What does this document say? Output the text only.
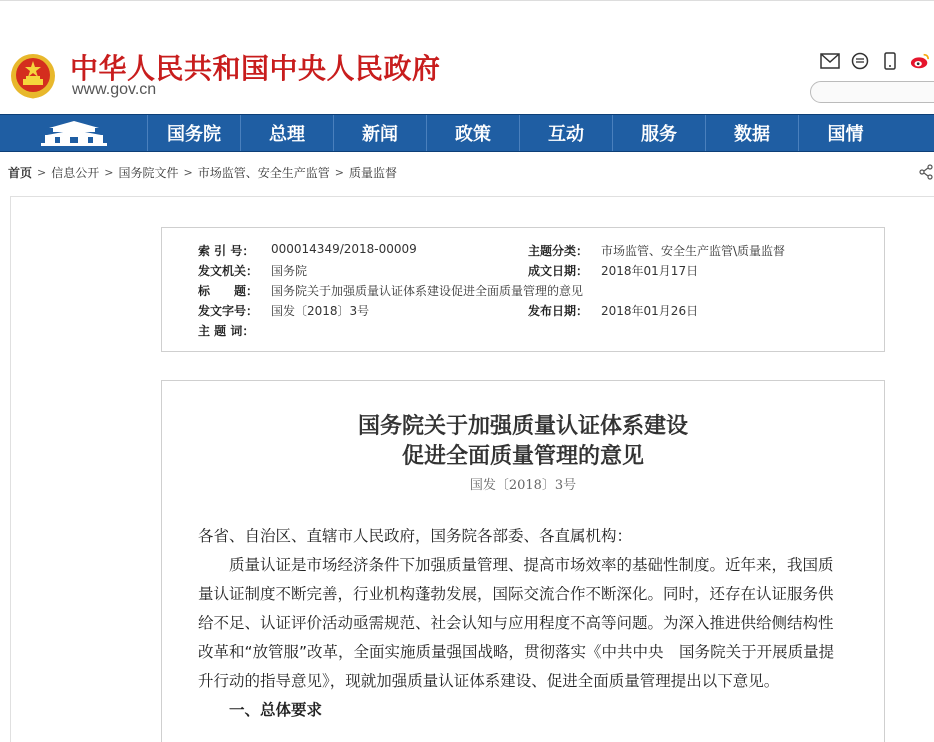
中华人民共和国中央人民政府
www.gov.cn
国务院	总理	新闻	政策	互动	服务	数据	国情
首页 > 信息公开 > 国务院文件 > 市场监管、安全生产监管 > 质量监督
索 引 号：	000014349/2018-00009	主题分类：	市场监管、安全生产监管\质量监督
发文机关：	国务院	成文日期：	2018年01月17日
标　　题：	国务院关于加强质量认证体系建设促进全面质量管理的意见
发文字号：	国发〔2018〕3号	发布日期：	2018年01月26日
主 题 词：
国务院关于加强质量认证体系建设
促进全面质量管理的意见
国发〔2018〕3号

各省、自治区、直辖市人民政府，国务院各部委、各直属机构：

质量认证是市场经济条件下加强质量管理、提高市场效率的基础性制度。近年来，我国质量认证制度不断完善，行业机构蓬勃发展，国际交流合作不断深化。同时，还存在认证服务供给不足、认证评价活动亟需规范、社会认知与应用程度不高等问题。为深入推进供给侧结构性改革和“放管服”改革，全面实施质量强国战略，贯彻落实《中共中央　国务院关于开展质量提升行动的指导意见》，现就加强质量认证体系建设、促进全面质量管理提出以下意见。

一、总体要求
